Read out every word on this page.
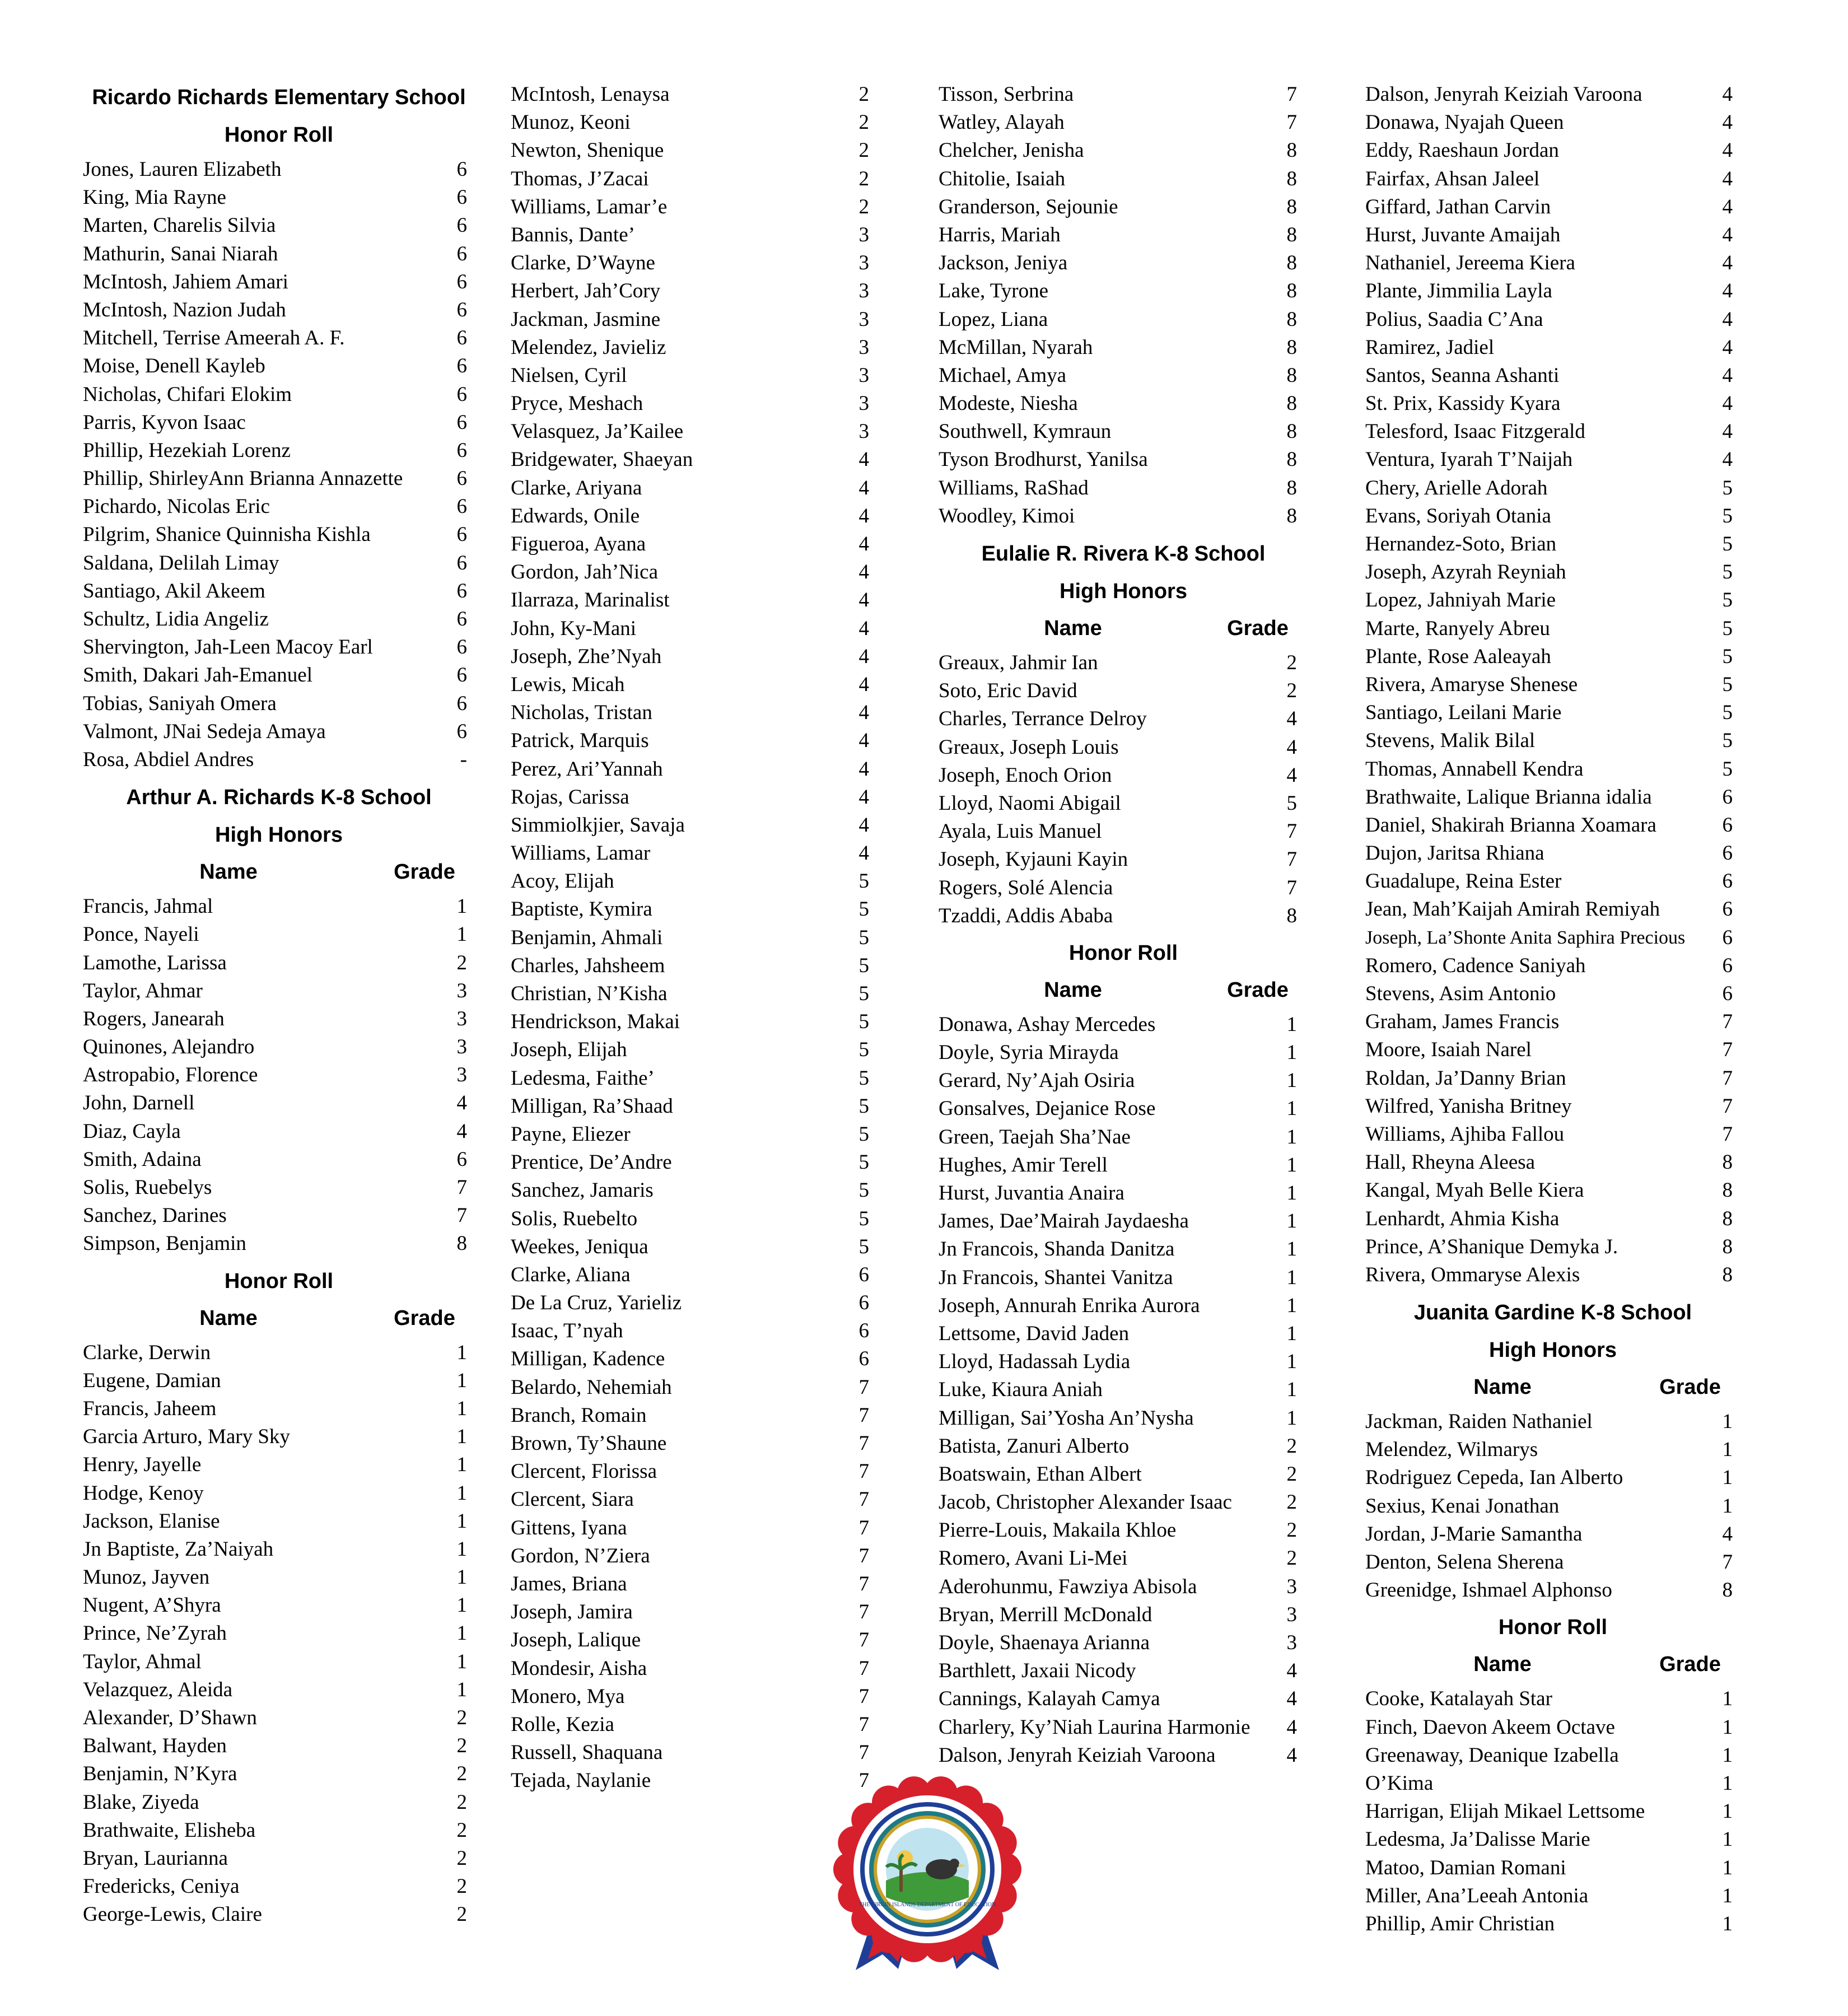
Ricardo Richards Elementary School
Honor Roll
Jones, Lauren Elizabeth	6
King, Mia Rayne	6
Marten, Charelis Silvia	6
Mathurin, Sanai Niarah	6
McIntosh, Jahiem Amari	6
McIntosh, Nazion Judah	6
Mitchell, Terrise Ameerah A. F.	6
Moise, Denell Kayleb	6
Nicholas, Chifari Elokim	6
Parris, Kyvon Isaac	6
Phillip, Hezekiah Lorenz	6
Phillip, ShirleyAnn Brianna Annazette	6
Pichardo, Nicolas Eric	6
Pilgrim, Shanice Quinnisha Kishla	6
Saldana, Delilah Limay	6
Santiago, Akil Akeem	6
Schultz, Lidia Angeliz	6
Shervington, Jah-Leen Macoy Earl	6
Smith, Dakari Jah-Emanuel	6
Tobias, Saniyah Omera	6
Valmont, JNai Sedeja Amaya	6
Rosa, Abdiel Andres	-
Arthur A. Richards K-8 School
High Honors
Name	Grade
Francis, Jahmal	1
Ponce, Nayeli	1
Lamothe, Larissa	2
Taylor, Ahmar	3
Rogers, Janearah	3
Quinones, Alejandro	3
Astropabio, Florence	3
John, Darnell	4
Diaz, Cayla	4
Smith, Adaina	6
Solis, Ruebelys	7
Sanchez, Darines	7
Simpson, Benjamin	8
Honor Roll
Name	Grade
Clarke, Derwin	1
Eugene, Damian	1
Francis, Jaheem	1
Garcia Arturo, Mary Sky	1
Henry, Jayelle	1
Hodge, Kenoy	1
Jackson, Elanise	1
Jn Baptiste, Za’Naiyah	1
Munoz, Jayven	1
Nugent, A’Shyra	1
Prince, Ne’Zyrah	1
Taylor, Ahmal	1
Velazquez, Aleida	1
Alexander, D’Shawn	2
Balwant, Hayden	2
Benjamin, N’Kyra	2
Blake, Ziyeda	2
Brathwaite, Elisheba	2
Bryan, Laurianna	2
Fredericks, Ceniya	2
George-Lewis, Claire	2
McIntosh, Lenaysa	2
Munoz, Keoni	2
Newton, Shenique	2
Thomas, J’Zacai	2
Williams, Lamar’e	2
Bannis, Dante’	3
Clarke, D’Wayne	3
Herbert, Jah’Cory	3
Jackman, Jasmine	3
Melendez, Javieliz	3
Nielsen, Cyril	3
Pryce, Meshach	3
Velasquez, Ja’Kailee	3
Bridgewater, Shaeyan	4
Clarke, Ariyana	4
Edwards, Onile	4
Figueroa, Ayana	4
Gordon, Jah’Nica	4
Ilarraza, Marinalist	4
John, Ky-Mani	4
Joseph, Zhe’Nyah	4
Lewis, Micah	4
Nicholas, Tristan	4
Patrick, Marquis	4
Perez, Ari’Yannah	4
Rojas, Carissa	4
Simmiolkjier, Savaja	4
Williams, Lamar	4
Acoy, Elijah	5
Baptiste, Kymira	5
Benjamin, Ahmali	5
Charles, Jahsheem	5
Christian, N’Kisha	5
Hendrickson, Makai	5
Joseph, Elijah	5
Ledesma, Faithe’	5
Milligan, Ra’Shaad	5
Payne, Eliezer	5
Prentice, De’Andre	5
Sanchez, Jamaris	5
Solis, Ruebelto	5
Weekes, Jeniqua	5
Clarke, Aliana	6
De La Cruz, Yarieliz	6
Isaac, T’nyah	6
Milligan, Kadence	6
Belardo, Nehemiah	7
Branch, Romain	7
Brown, Ty’Shaune	7
Clercent, Florissa	7
Clercent, Siara	7
Gittens, Iyana	7
Gordon, N’Ziera	7
James, Briana	7
Joseph, Jamira	7
Joseph, Lalique	7
Mondesir, Aisha	7
Monero, Mya	7
Rolle, Kezia	7
Russell, Shaquana	7
Tejada, Naylanie	7
Tisson, Serbrina	7
Watley, Alayah	7
Chelcher, Jenisha	8
Chitolie, Isaiah	8
Granderson, Sejounie	8
Harris, Mariah	8
Jackson, Jeniya	8
Lake, Tyrone	8
Lopez, Liana	8
McMillan, Nyarah	8
Michael, Amya	8
Modeste, Niesha	8
Southwell, Kymraun	8
Tyson Brodhurst, Yanilsa	8
Williams, RaShad	8
Woodley, Kimoi	8
Eulalie R. Rivera K-8 School
High Honors
Name	Grade
Greaux, Jahmir Ian	2
Soto, Eric David	2
Charles, Terrance Delroy	4
Greaux, Joseph Louis	4
Joseph, Enoch Orion	4
Lloyd, Naomi Abigail	5
Ayala, Luis Manuel	7
Joseph, Kyjauni Kayin	7
Rogers, Solé Alencia	7
Tzaddi, Addis Ababa	8
Honor Roll
Name	Grade
Donawa, Ashay Mercedes	1
Doyle, Syria Mirayda	1
Gerard, Ny’Ajah Osiria	1
Gonsalves, Dejanice Rose	1
Green, Taejah Sha’Nae	1
Hughes, Amir Terell	1
Hurst, Juvantia Anaira	1
James, Dae’Mairah Jaydaesha	1
Jn Francois, Shanda Danitza	1
Jn Francois, Shantei Vanitza	1
Joseph, Annurah Enrika Aurora	1
Lettsome, David Jaden	1
Lloyd, Hadassah Lydia	1
Luke, Kiaura Aniah	1
Milligan, Sai’Yosha An’Nysha	1
Batista, Zanuri Alberto	2
Boatswain, Ethan Albert	2
Jacob, Christopher Alexander Isaac	2
Pierre-Louis, Makaila Khloe	2
Romero, Avani Li-Mei	2
Aderohunmu, Fawziya Abisola	3
Bryan, Merrill McDonald	3
Doyle, Shaenaya Arianna	3
Barthlett, Jaxaii Nicody	4
Cannings, Kalayah Camya	4
Charlery, Ky’Niah Laurina Harmonie	4
Dalson, Jenyrah Keiziah Varoona	4
Dalson, Jenyrah Keiziah Varoona	4
Donawa, Nyajah Queen	4
Eddy, Raeshaun Jordan	4
Fairfax, Ahsan Jaleel	4
Giffard, Jathan Carvin	4
Hurst, Juvante Amaijah	4
Nathaniel, Jereema Kiera	4
Plante, Jimmilia Layla	4
Polius, Saadia C’Ana	4
Ramirez, Jadiel	4
Santos, Seanna Ashanti	4
St. Prix, Kassidy Kyara	4
Telesford, Isaac Fitzgerald	4
Ventura, Iyarah T’Naijah	4
Chery, Arielle Adorah	5
Evans, Soriyah Otania	5
Hernandez-Soto, Brian	5
Joseph, Azyrah Reyniah	5
Lopez, Jahniyah Marie	5
Marte, Ranyely Abreu	5
Plante, Rose Aaleayah	5
Rivera, Amaryse Shenese	5
Santiago, Leilani Marie	5
Stevens, Malik Bilal	5
Thomas, Annabell Kendra	5
Brathwaite, Lalique Brianna idalia	6
Daniel, Shakirah Brianna Xoamara	6
Dujon, Jaritsa Rhiana	6
Guadalupe, Reina Ester	6
Jean, Mah’Kaijah Amirah Remiyah	6
Joseph, La’Shonte Anita Saphira Precious	6
Romero, Cadence Saniyah	6
Stevens, Asim Antonio	6
Graham, James Francis	7
Moore, Isaiah Narel	7
Roldan, Ja’Danny Brian	7
Wilfred, Yanisha Britney	7
Williams, Ajhiba Fallou	7
Hall, Rheyna Aleesa	8
Kangal, Myah Belle Kiera	8
Lenhardt, Ahmia Kisha	8
Prince, A’Shanique Demyka J.	8
Rivera, Ommaryse Alexis	8
Juanita Gardine K-8 School
High Honors
Name	Grade
Jackman, Raiden Nathaniel	1
Melendez, Wilmarys	1
Rodriguez Cepeda, Ian Alberto	1
Sexius, Kenai Jonathan	1
Jordan, J-Marie Samantha	4
Denton, Selena Sherena	7
Greenidge, Ishmael Alphonso	8
Honor Roll
Name	Grade
Cooke, Katalayah Star	1
Finch, Daevon Akeem Octave	1
Greenaway, Deanique Izabella	1
O’Kima	1
Harrigan, Elijah Mikael Lettsome	1
Ledesma, Ja’Dalisse Marie	1
Matoo, Damian Romani	1
Miller, Ana’Leeah Antonia	1
Phillip, Amir Christian	1
THE VIRGIN ISLANDS DEPARTMENT OF EDUCATION
